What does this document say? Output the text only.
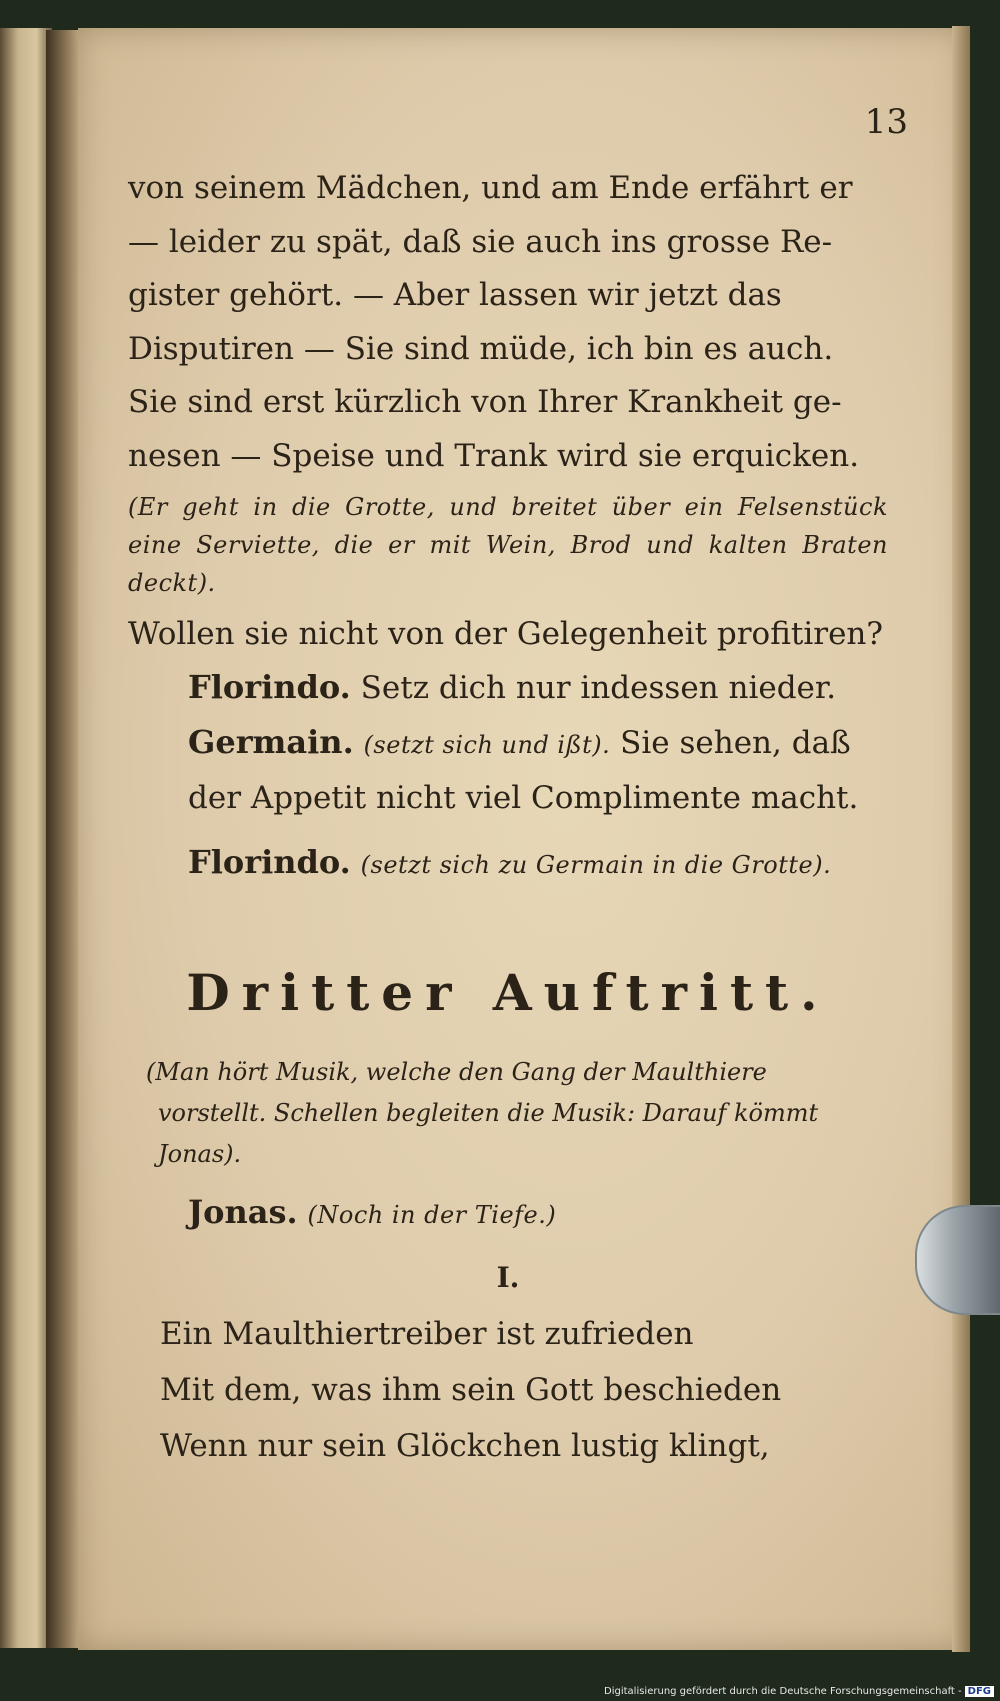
13

von seinem Mädchen, und am Ende erfährt er

— leider zu spät, daß sie auch ins grosse Re-

gister gehört. — Aber lassen wir jetzt das

Disputiren — Sie sind müde, ich bin es auch.

Sie sind erst kürzlich von Ihrer Krankheit ge-

nesen — Speise und Trank wird sie erquicken.

(Er geht in die Grotte, und breitet über ein Felsenstück eine Serviette, die er mit Wein, Brod und kalten Braten deckt).

Wollen sie nicht von der Gelegenheit profitiren?

Florindo. Setz dich nur indessen nieder.
Germain. (setzt sich und ißt). Sie sehen, daß der Appetit nicht viel Complimente macht.
Florindo. (setzt sich zu Germain in die Grotte).
Dritter Auftritt.
(Man hört Musik, welche den Gang der Maulthiere vorstellt. Schellen begleiten die Musik: Darauf kömmt Jonas).
Jonas. (Noch in der Tiefe.)
I.

Ein Maulthiertreiber ist zufrieden

Mit dem, was ihm sein Gott beschieden

Wenn nur sein Glöckchen lustig klingt,

Digitalisierung gefördert durch die Deutsche Forschungsgemeinschaft - DFG
